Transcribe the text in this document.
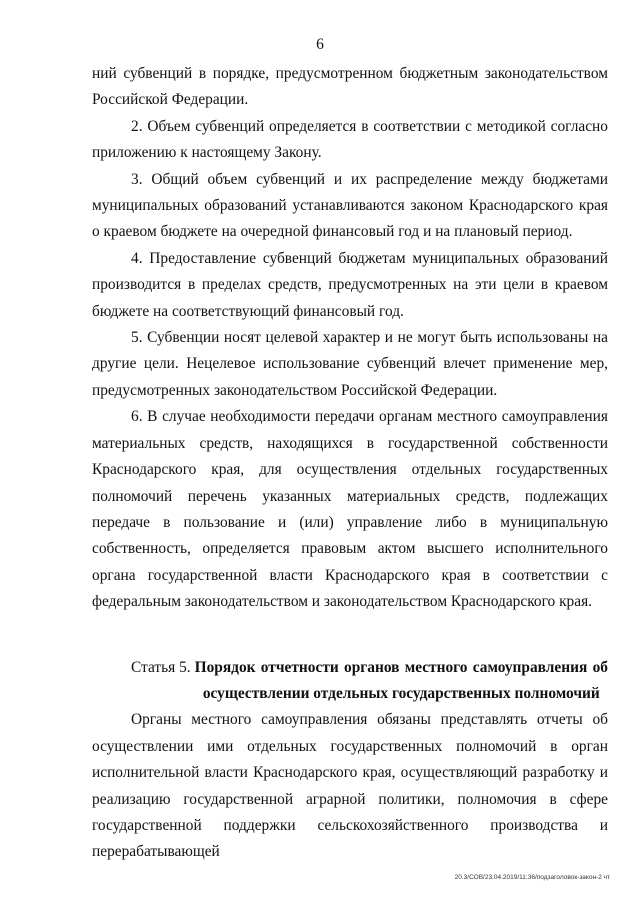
6

ний субвенций в порядке, предусмотренном бюджетным законодательством Российской Федерации.

2. Объем субвенций определяется в соответствии с методикой согласно приложению к настоящему Закону.

3. Общий объем субвенций и их распределение между бюджетами муниципальных образований устанавливаются законом Краснодарского края о краевом бюджете на очередной финансовый год и на плановый период.

4. Предоставление субвенций бюджетам муниципальных образований производится в пределах средств, предусмотренных на эти цели в краевом бюджете на соответствующий финансовый год.

5. Субвенции носят целевой характер и не могут быть использованы на другие цели. Нецелевое использование субвенций влечет применение мер, предусмотренных законодательством Российской Федерации.

6. В случае необходимости передачи органам местного самоуправления материальных средств, находящихся в государственной собственности Краснодарского края, для осуществления отдельных государственных полномочий перечень указанных материальных средств, подлежащих передаче в пользование и (или) управление либо в муниципальную собственность, определяется правовым актом высшего исполнительного органа государственной власти Краснодарского края в соответствии с федеральным законодательством и законодательством Краснодарского края.

Статья 5. Порядок отчетности органов местного самоуправления об осуществлении отдельных государственных полномочий

Органы местного самоуправления обязаны представлять отчеты об осуществлении ими отдельных государственных полномочий в орган исполнительной власти Краснодарского края, осуществляющий разработку и реализацию государственной аграрной политики, полномочия в сфере государственной поддержки сельскохозяйственного производства и перерабатывающей

20.3/СОВ/23.04.2019/11:36/подзаголовок-закон-2 чт
